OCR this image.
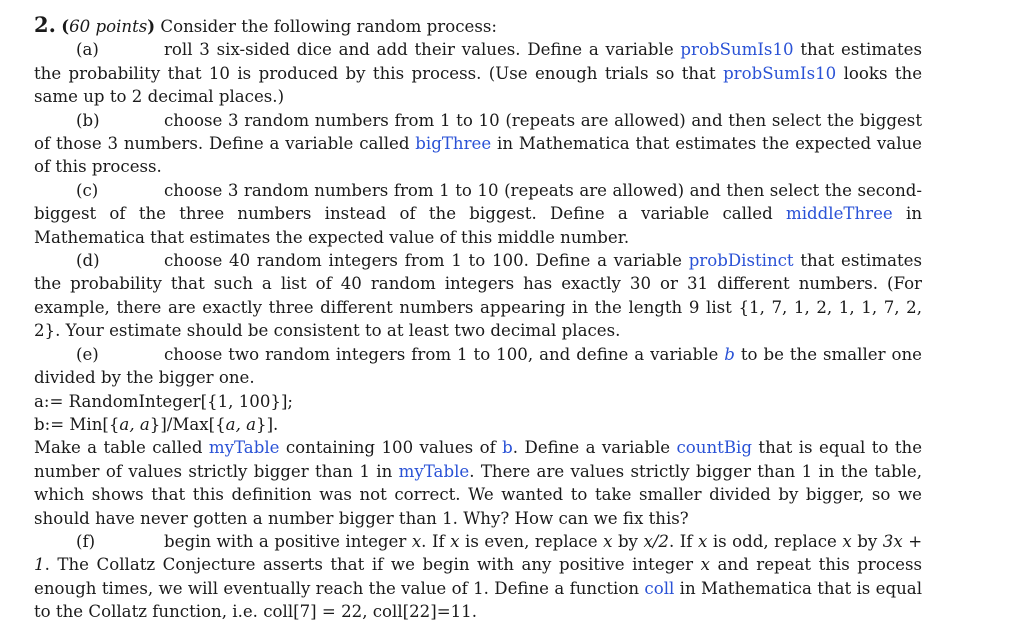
2. (60 points) Consider the following random process:

(a)	roll 3 six-sided dice and add their values. Define a variable probSumIs10 that estimates the probability that 10 is produced by this process. (Use enough trials so that probSumIs10 looks the same up to 2 decimal places.)

(b)	choose 3 random numbers from 1 to 10 (repeats are allowed) and then select the biggest of those 3 numbers. Define a variable called bigThree in Mathematica that estimates the expected value of this process.

(c)	choose 3 random numbers from 1 to 10 (repeats are allowed) and then select the second-biggest of the three numbers instead of the biggest. Define a variable called middleThree in Mathematica that estimates the expected value of this middle number.

(d)	choose 40 random integers from 1 to 100. Define a variable probDistinct that estimates the probability that such a list of 40 random integers has exactly 30 or 31 different numbers. (For example, there are exactly three different numbers appearing in the length 9 list {1, 7, 1, 2, 1, 1, 7, 2, 2}. Your estimate should be consistent to at least two decimal places.

(e)	choose two random integers from 1 to 100, and define a variable b to be the smaller one divided by the bigger one.

a:= RandomInteger[{1, 100}];

b:= Min[{a, a}]/Max[{a, a}].

Make a table called myTable containing 100 values of b. Define a variable countBig that is equal to the number of values strictly bigger than 1 in myTable. There are values strictly bigger than 1 in the table, which shows that this definition was not correct. We wanted to take smaller divided by bigger, so we should have never gotten a number bigger than 1. Why? How can we fix this?

(f)	begin with a positive integer x. If x is even, replace x by x/2. If x is odd, replace x by 3x + 1. The Collatz Conjecture asserts that if we begin with any positive integer x and repeat this process enough times, we will eventually reach the value of 1. Define a function coll in Mathematica that is equal to the Collatz function, i.e. coll[7] = 22, coll[22]=11.
